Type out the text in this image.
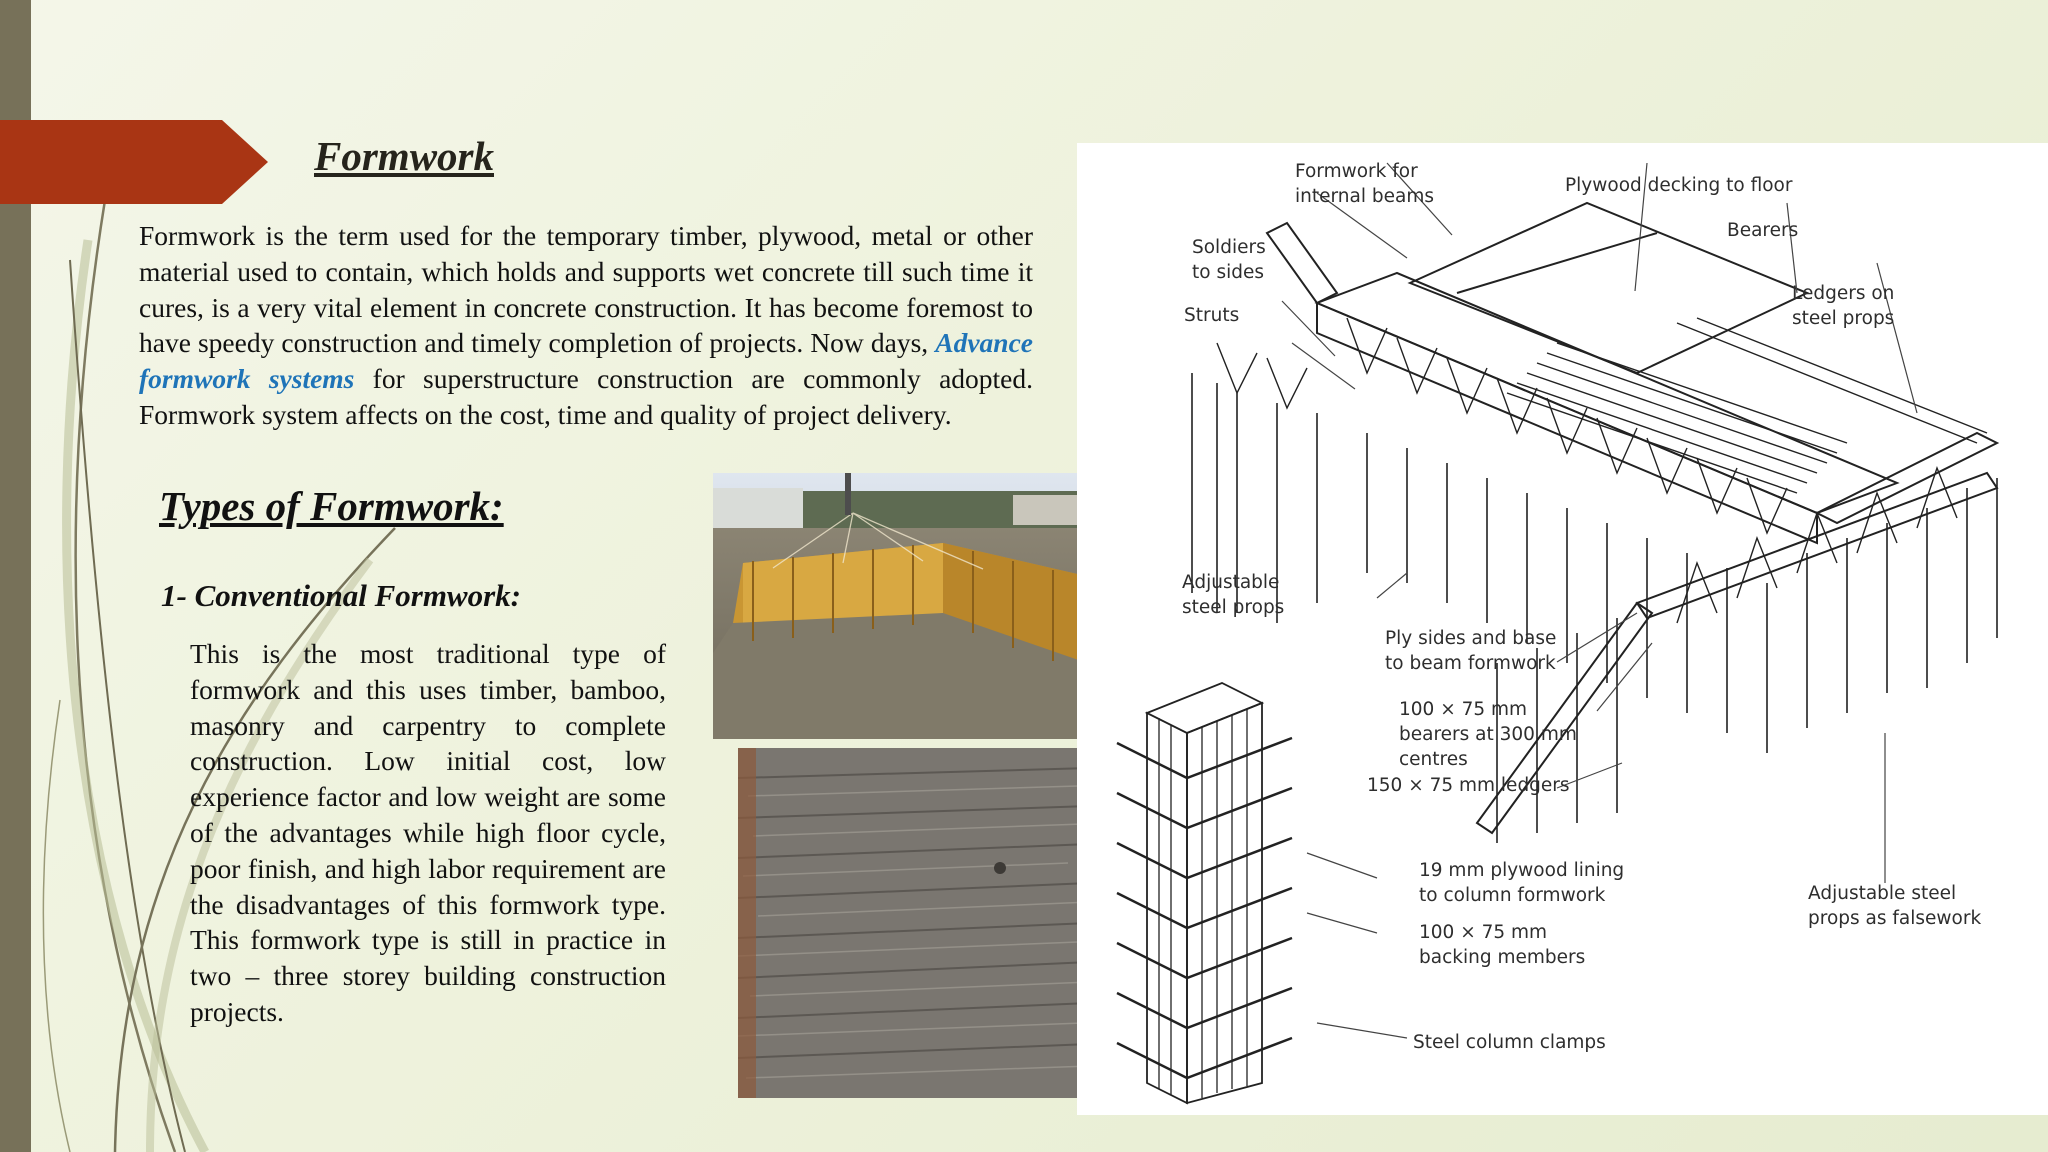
Formwork

Formwork is the term used for the temporary timber, plywood, metal or other material used to contain, which holds and supports wet concrete till such time it cures, is a very vital element in concrete construction. It has become foremost to have speedy construction and timely completion of projects. Now days, Advance formwork systems for superstructure construction are commonly adopted. Formwork system affects on the cost, time and quality of project delivery.

Types of Formwork:
1- Conventional Formwork:

This is the most traditional type of formwork and this uses timber, bamboo, masonry and carpentry to complete construction. Low initial cost, low experience factor and low weight are some of the advantages while high floor cycle, poor finish, and high labor requirement are the disadvantages of this formwork type. This formwork type is still in practice in two – three storey building construction projects.

Formwork for
internal beams

Plywood decking to floor

Bearers

Soldiers
to sides

Ledgers on
steel props

Struts

Adjustable
steel props

Ply sides and base
to beam formwork

100 × 75 mm
bearers at 300 mm
centres

150 × 75 mm ledgers

19 mm plywood lining
to column formwork

100 × 75 mm
backing members

Adjustable steel
props as falsework

Steel column clamps
